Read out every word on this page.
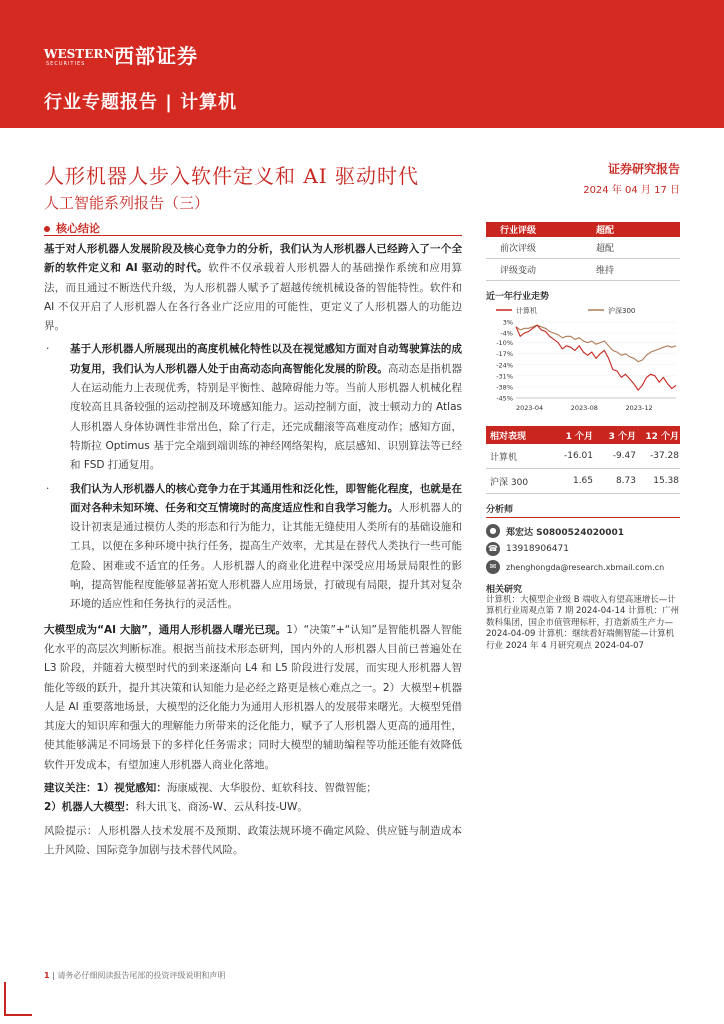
WESTERN
SECURITIES 西部证券
行业专题报告 | 计算机
人形机器人步入软件定义和 AI 驱动时代
人工智能系列报告（三）
证券研究报告
2024 年 04 月 17 日
核心结论

基于对人形机器人发展阶段及核心竞争力的分析，我们认为人形机器人已经跨入了一个全新的软件定义和 AI 驱动的时代。软件不仅承载着人形机器人的基础操作系统和应用算法，而且通过不断迭代升级，为人形机器人赋予了超越传统机械设备的智能特性。软件和 AI 不仅开启了人形机器人在各行各业广泛应用的可能性，更定义了人形机器人的功能边界。

· 基于人形机器人所展现出的高度机械化特性以及在视觉感知方面对自动驾驶算法的成功复用，我们认为人形机器人处于由高动态向高智能化发展的阶段。高动态是指机器人在运动能力上表现优秀，特别是平衡性、越障碍能力等。当前人形机器人机械化程度较高且具备较强的运动控制及环境感知能力。运动控制方面，波士顿动力的 Atlas 人形机器人身体协调性非常出色，除了行走，还完成翻滚等高难度动作；感知方面，特斯拉 Optimus 基于完全端到端训练的神经网络架构，底层感知、识别算法等已经和 FSD 打通复用。

· 我们认为人形机器人的核心竞争力在于其通用性和泛化性，即智能化程度，也就是在面对各种未知环境、任务和交互情境时的高度适应性和自我学习能力。人形机器人的设计初衷是通过模仿人类的形态和行为能力，让其能无缝使用人类所有的基础设施和工具，以便在多种环境中执行任务，提高生产效率，尤其是在替代人类执行一些可能危险、困难或不适宜的任务。人形机器人的商业化进程中深受应用场景局限性的影响，提高智能程度能够显著拓宽人形机器人应用场景，打破现有局限，提升其对复杂环境的适应性和任务执行的灵活性。

大模型成为“AI 大脑”，通用人形机器人曙光已现。1）“决策”+“认知”是智能机器人智能化水平的高层次判断标准。根据当前技术形态研判，国内外的人形机器人目前已普遍处在 L3 阶段，并随着大模型时代的到来逐渐向 L4 和 L5 阶段进行发展，而实现人形机器人智能化等级的跃升，提升其决策和认知能力是必经之路更是核心难点之一。2）大模型+机器人是 AI 重要落地场景，大模型的泛化能力为通用人形机器人的发展带来曙光。大模型凭借其庞大的知识库和强大的理解能力所带来的泛化能力，赋予了人形机器人更高的通用性，使其能够满足不同场景下的多样化任务需求；同时大模型的辅助编程等功能还能有效降低软件开发成本，有望加速人形机器人商业化落地。

建议关注：1）视觉感知：海康威视、大华股份、虹软科技、智微智能；
2）机器人大模型：科大讯飞、商汤-W、云从科技-UW。

风险提示：人形机器人技术发展不及预期、政策法规环境不确定风险、供应链与制造成本上升风险、国际竞争加剧与技术替代风险。

行业评级	超配
前次评级	超配
评级变动	维持
近一年行业走势
计算机	沪深300
3%
-4%
-10%
-17%
-24%
-31%
-38%
-45%
2023-04	2023-08	2023-12
相对表现	1 个月	3 个月	12 个月
计算机	-16.01	-9.47	-37.28
沪深 300	1.65	8.73	15.38
分析师
●	郑宏达 S0800524020001
☎ 13918906471
✉	zhenghongda@research.xbmail.com.cn
相关研究
计算机：大模型企业级 B 端收入有望高速增长—计算机行业周观点第 7 期 2024-04-14 计算机：广州数科集团，国企市值管理标杆，打造新质生产力— 2024-04-09 计算机：继续看好端侧智能—计算机行业 2024 年 4 月研究观点 2024-04-07
1 | 请务必仔细阅读报告尾部的投资评级说明和声明
